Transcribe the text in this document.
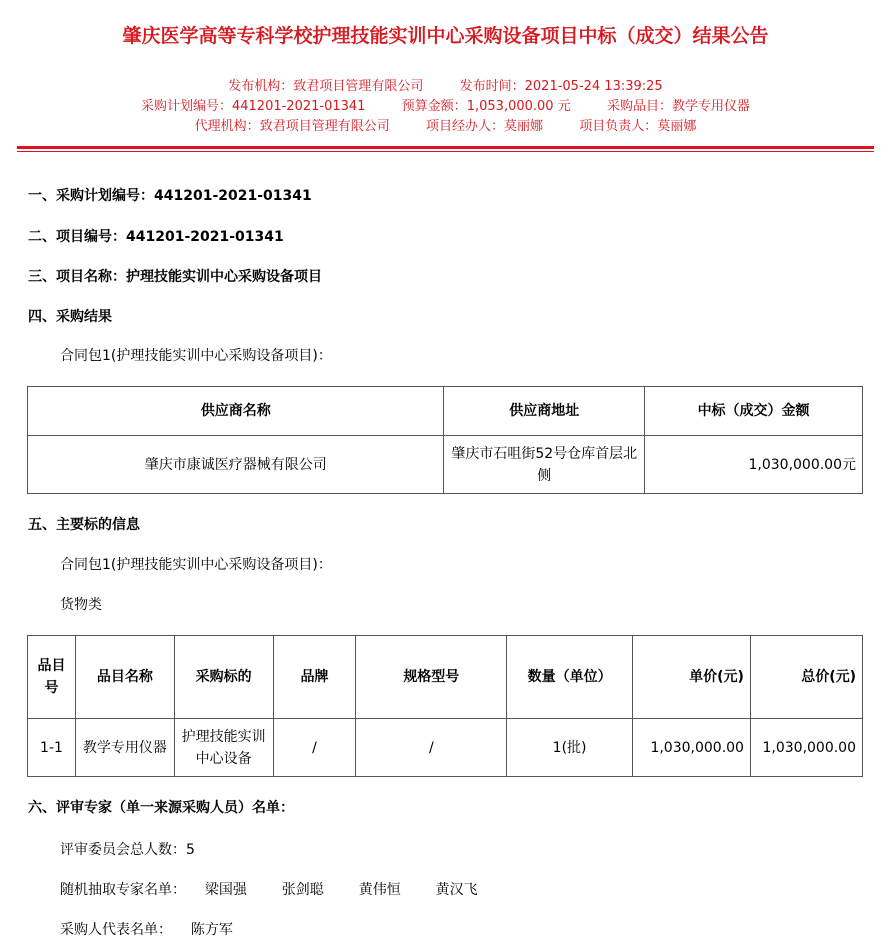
肇庆医学高等专科学校护理技能实训中心采购设备项目中标（成交）结果公告
发布机构：致君项目管理有限公司	发布时间：2021-05-24 13:39:25
采购计划编号：441201-2021-01341	预算金额：1,053,000.00 元	采购品目：教学专用仪器
代理机构：致君项目管理有限公司	项目经办人：莫丽娜	项目负责人：莫丽娜
一、采购计划编号：441201-2021-01341
二、项目编号：441201-2021-01341
三、项目名称：护理技能实训中心采购设备项目
四、采购结果
合同包1(护理技能实训中心采购设备项目)：
供应商名称	供应商地址	中标（成交）金额
肇庆市康诚医疗器械有限公司	肇庆市石咀街52号仓库首层北侧	1,030,000.00元
五、主要标的信息
合同包1(护理技能实训中心采购设备项目)：
货物类
品目号	品目名称	采购标的	品牌	规格型号	数量（单位）	单价(元)	总价(元)
1-1	教学专用仪器	护理技能实训中心设备	/	/	1(批)	1,030,000.00	1,030,000.00
六、评审专家（单一来源采购人员）名单：
评审委员会总人数：5
随机抽取专家名单： 梁国强 张剑聪 黄伟恒 黄汉飞
采购人代表名单： 陈方军
